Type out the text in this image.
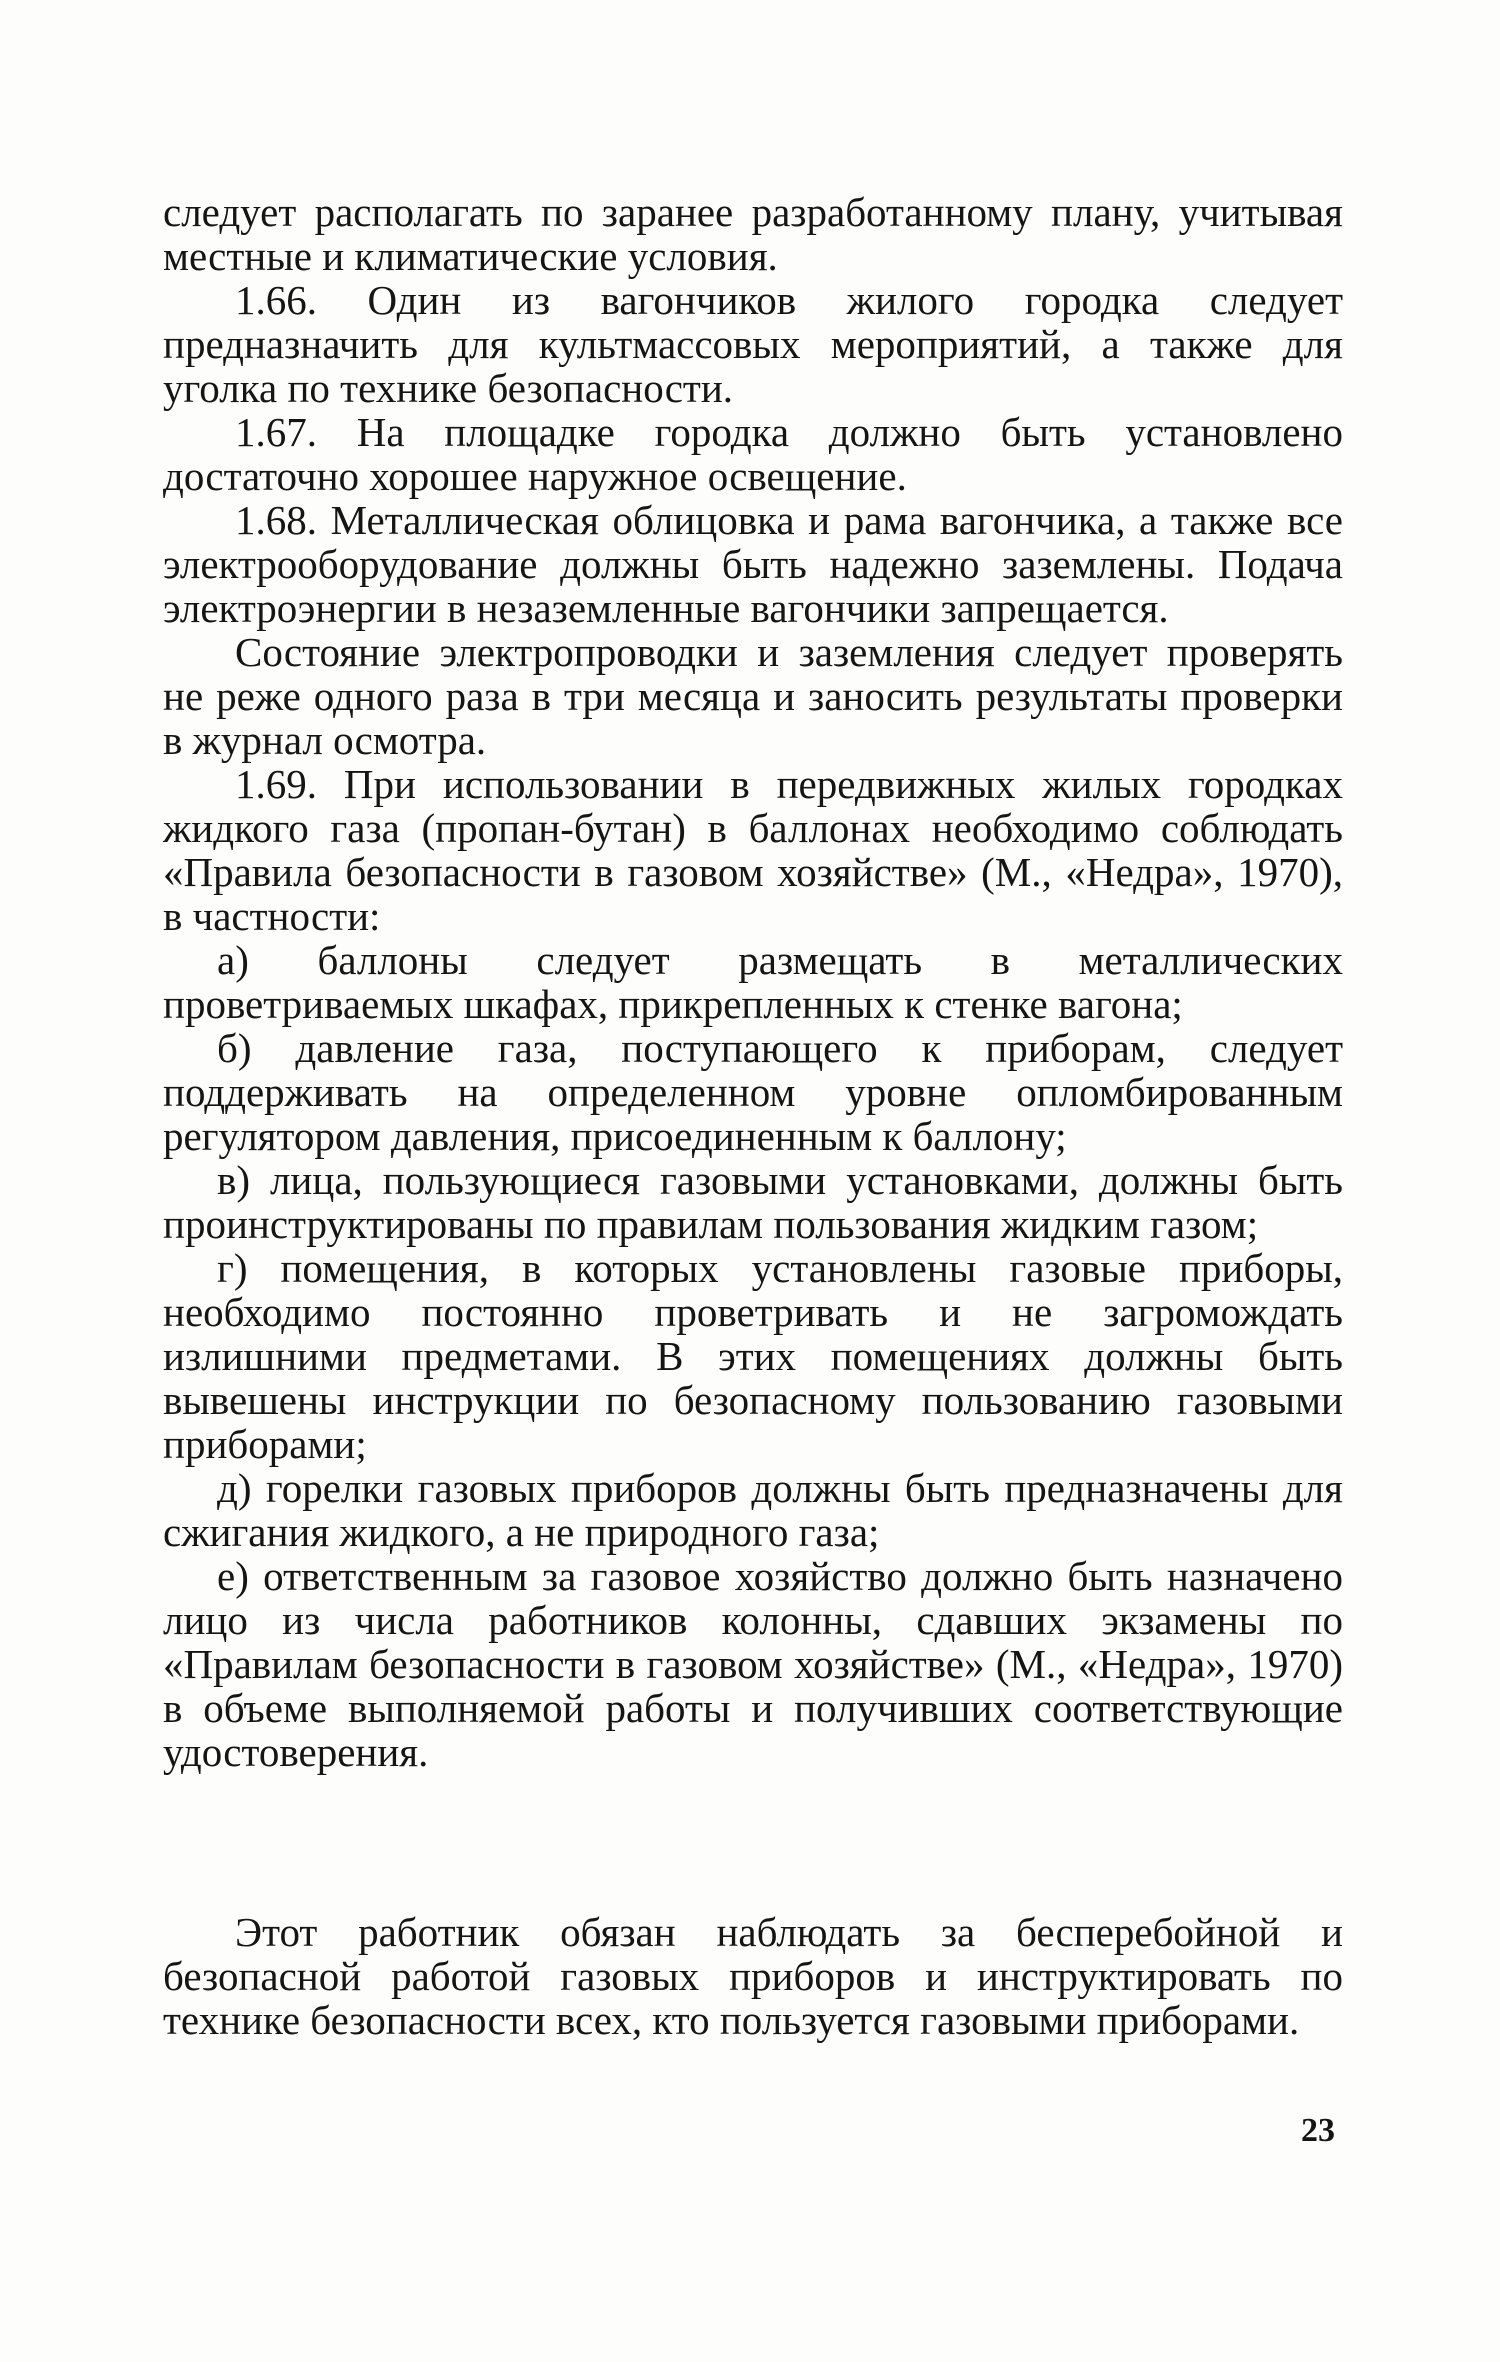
следует располагать по заранее разработанному плану, учитывая местные и климатические условия.

1.66. Один из вагончиков жилого городка следует предназначить для культмассовых мероприятий, а также для уголка по технике безопасности.

1.67. На площадке городка должно быть установлено достаточно хорошее наружное освещение.

1.68. Металлическая облицовка и рама вагончика, а также все электрооборудование должны быть надежно заземлены. Подача электроэнергии в незаземленные вагончики запрещается.

Состояние электропроводки и заземления следует проверять не реже одного раза в три месяца и заносить результаты проверки в журнал осмотра.

1.69. При использовании в передвижных жилых городках жидкого газа (пропан-бутан) в баллонах необходимо соблюдать «Правила безопасности в газовом хозяйстве» (М., «Недра», 1970), в частности:

а) баллоны следует размещать в металлических проветриваемых шкафах, прикрепленных к стенке вагона;

б) давление газа, поступающего к приборам, следует поддерживать на определенном уровне опломбированным регулятором давления, присоединенным к баллону;

в) лица, пользующиеся газовыми установками, должны быть проинструктированы по правилам пользования жидким газом;

г) помещения, в которых установлены газовые приборы, необходимо постоянно проветривать и не загромождать излишними предметами. В этих помещениях должны быть вывешены инструкции по безопасному пользованию газовыми приборами;

д) горелки газовых приборов должны быть предназначены для сжигания жидкого, а не природного газа;

е) ответственным за газовое хозяйство должно быть назначено лицо из числа работников колонны, сдавших экзамены по «Правилам безопасности в газовом хозяйстве» (М., «Недра», 1970) в объеме выполняемой работы и получивших соответствующие удостоверения.

Этот работник обязан наблюдать за бесперебойной и безопасной работой газовых приборов и инструктировать по технике безопасности всех, кто пользуется газовыми приборами.

23
